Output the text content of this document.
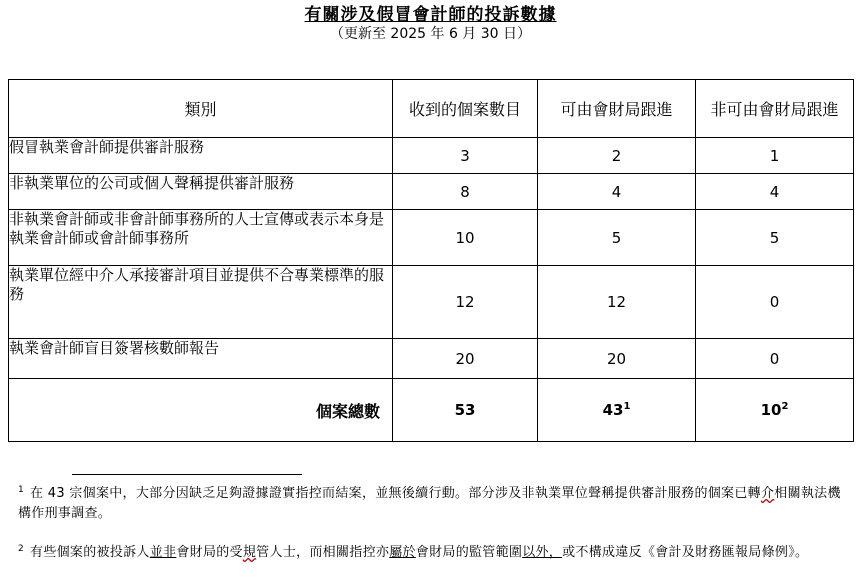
有關涉及假冒會計師的投訴數據
（更新至 2025 年 6 月 30 日）
類別	收到的個案數目	可由會財局跟進	非可由會財局跟進
假冒執業會計師提供審計服務	3	2	1
非執業單位的公司或個人聲稱提供審計服務	8	4	4
非執業會計師或非會計師事務所的人士宣傳或表示本身是執業會計師或會計師事務所	10	5	5
執業單位經中介人承接審計項目並提供不合專業標準的服務	12	12	0
執業會計師盲目簽署核數師報告	20	20	0
個案總數	53	$43^1$	$10^2$
$^1$ 在 43 宗個案中，大部分因缺乏足夠證據證實指控而結案，並無後續行動。部分涉及非執業單位聲稱提供審計服務的個案已轉介相關執法機構作刑事調查。
$^2$ 有些個案的被投訴人並非會財局的受規管人士，而相關指控亦屬於會財局的監管範圍以外，或不構成違反《會計及財務匯報局條例》。
